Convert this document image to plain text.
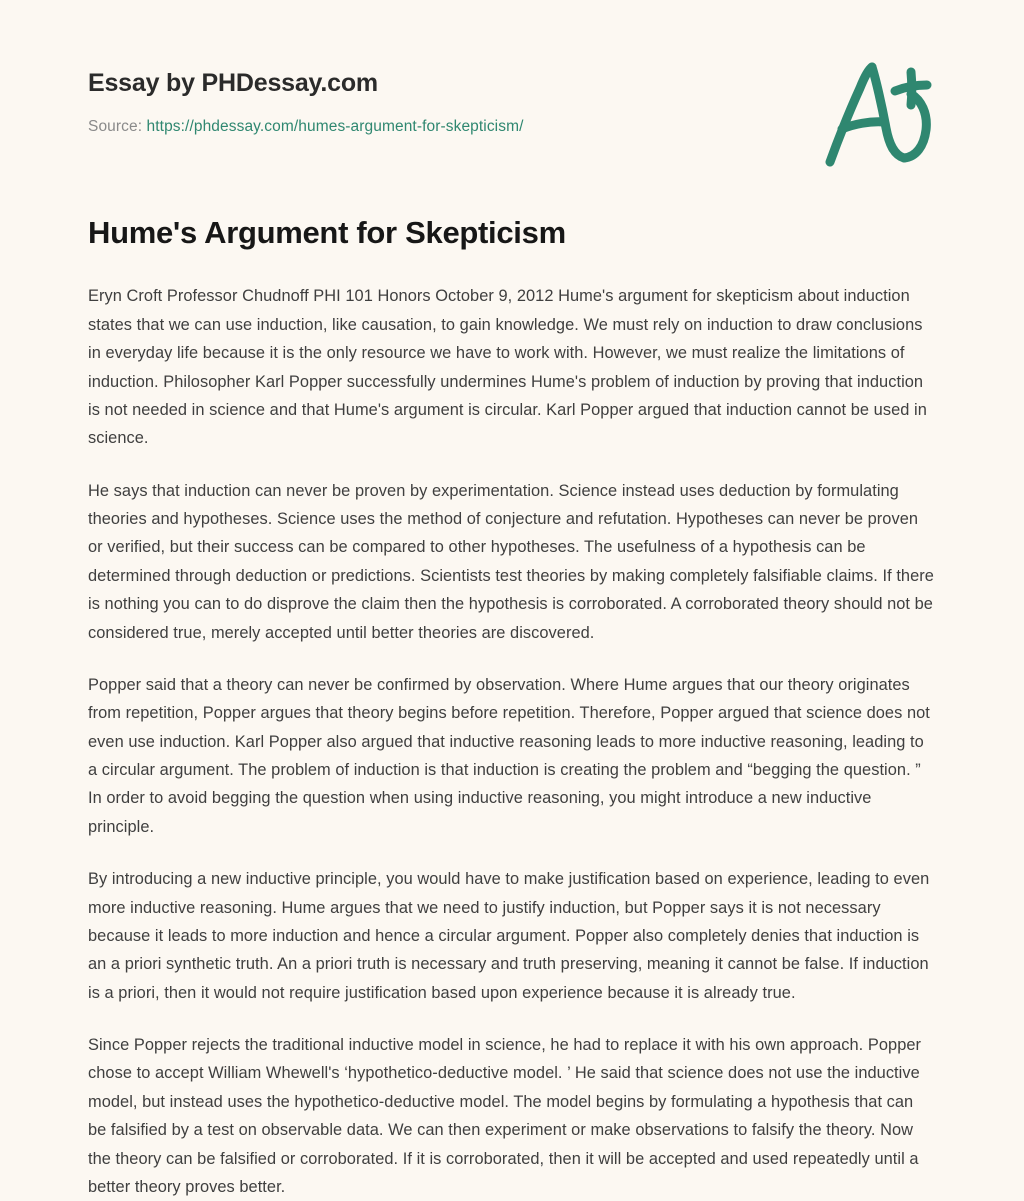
Essay by PHDessay.com

Source: https://phdessay.com/humes-argument-for-skepticism/

Hume's Argument for Skepticism

Eryn Croft Professor Chudnoff PHI 101 Honors October 9, 2012 Hume's argument for skepticism about induction states that we can use induction, like causation, to gain knowledge. We must rely on induction to draw conclusions in everyday life because it is the only resource we have to work with. However, we must realize the limitations of induction. Philosopher Karl Popper successfully undermines Hume's problem of induction by proving that induction is not needed in science and that Hume's argument is circular. Karl Popper argued that induction cannot be used in science.

He says that induction can never be proven by experimentation. Science instead uses deduction by formulating theories and hypotheses. Science uses the method of conjecture and refutation. Hypotheses can never be proven or verified, but their success can be compared to other hypotheses. The usefulness of a hypothesis can be determined through deduction or predictions. Scientists test theories by making completely falsifiable claims. If there is nothing you can to do disprove the claim then the hypothesis is corroborated. A corroborated theory should not be considered true, merely accepted until better theories are discovered.

Popper said that a theory can never be confirmed by observation. Where Hume argues that our theory originates from repetition, Popper argues that theory begins before repetition. Therefore, Popper argued that science does not even use induction. Karl Popper also argued that inductive reasoning leads to more inductive reasoning, leading to a circular argument. The problem of induction is that induction is creating the problem and “begging the question. ” In order to avoid begging the question when using inductive reasoning, you might introduce a new inductive principle.

By introducing a new inductive principle, you would have to make justification based on experience, leading to even more inductive reasoning. Hume argues that we need to justify induction, but Popper says it is not necessary because it leads to more induction and hence a circular argument. Popper also completely denies that induction is an a priori synthetic truth. An a priori truth is necessary and truth preserving, meaning it cannot be false. If induction is a priori, then it would not require justification based upon experience because it is already true.

Since Popper rejects the traditional inductive model in science, he had to replace it with his own approach. Popper chose to accept William Whewell's ‘hypothetico-deductive model. ’ He said that science does not use the inductive model, but instead uses the hypothetico-deductive model. The model begins by formulating a hypothesis that can be falsified by a test on observable data. We can then experiment or make observations to falsify the theory. Now the theory can be falsified or corroborated. If it is corroborated, then it will be accepted and used repeatedly until a better theory proves better.
